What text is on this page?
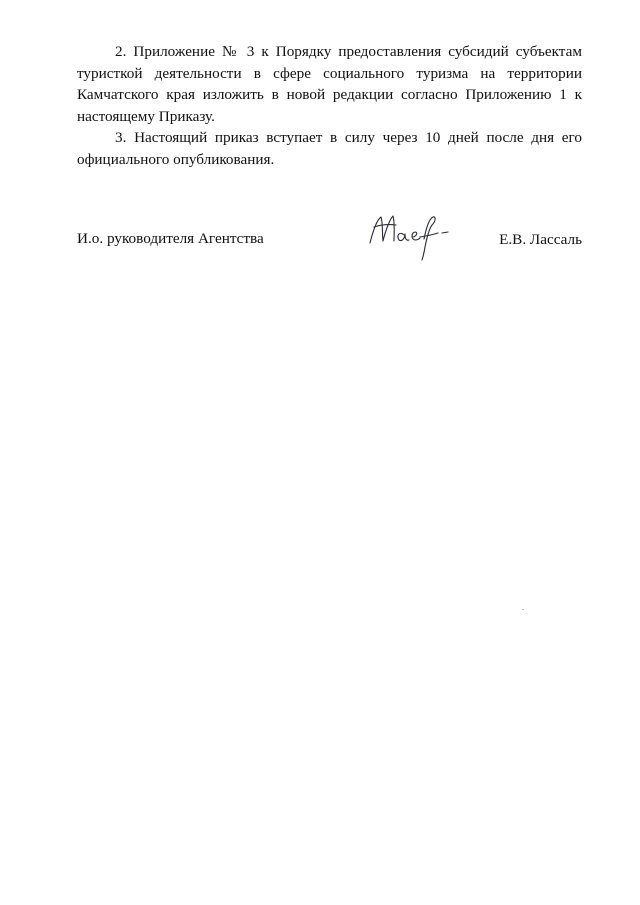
2. Приложение № 3 к Порядку предоставления субсидий субъектам туристкой деятельности в сфере социального туризма на территории Камчатского края изложить в новой редакции согласно Приложению 1 к настоящему Приказу.

3. Настоящий приказ вступает в силу через 10 дней после дня его официального опубликования.

И.о. руководителя Агентства	Е.В. Лассаль
